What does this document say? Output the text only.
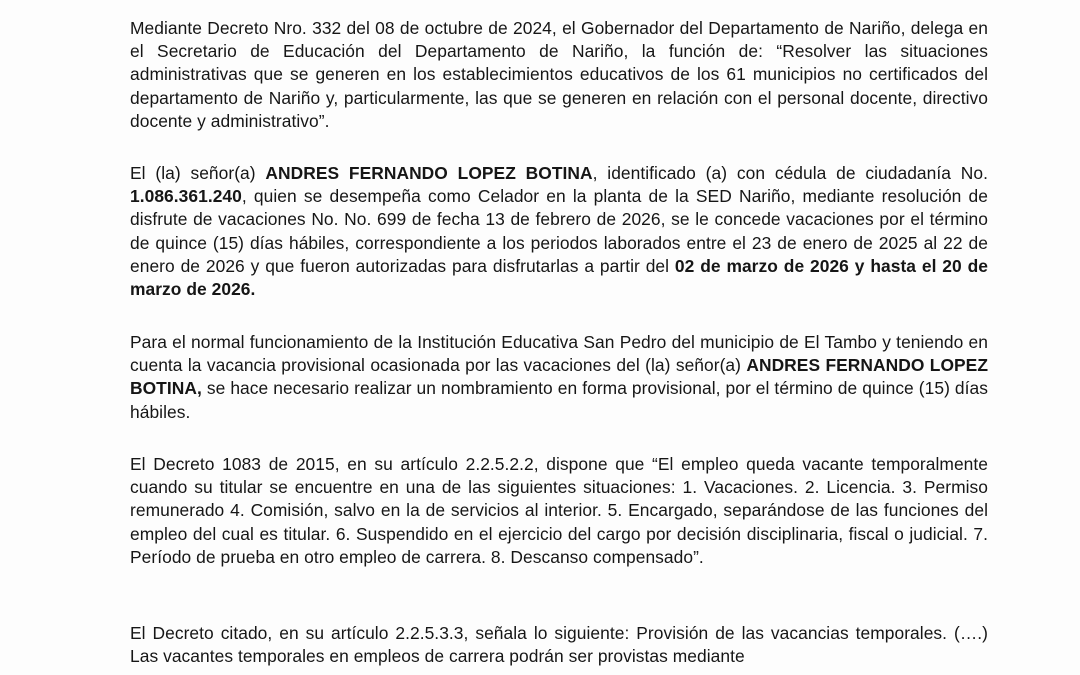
Mediante Decreto Nro. 332 del 08 de octubre de 2024, el Gobernador del Departamento de Nariño, delega en el Secretario de Educación del Departamento de Nariño, la función de: “Resolver las situaciones administrativas que se generen en los establecimientos educativos de los 61 municipios no certificados del departamento de Nariño y, particularmente, las que se generen en relación con el personal docente, directivo docente y administrativo”.

El (la) señor(a) ANDRES FERNANDO LOPEZ BOTINA, identificado (a) con cédula de ciudadanía No. 1.086.361.240, quien se desempeña como Celador en la planta de la SED Nariño, mediante resolución de disfrute de vacaciones No. No. 699 de fecha 13 de febrero de 2026, se le concede vacaciones por el término de quince (15) días hábiles, correspondiente a los periodos laborados entre el 23 de enero de 2025 al 22 de enero de 2026 y que fueron autorizadas para disfrutarlas a partir del 02 de marzo de 2026 y hasta el 20 de marzo de 2026.

Para el normal funcionamiento de la Institución Educativa San Pedro del municipio de El Tambo y teniendo en cuenta la vacancia provisional ocasionada por las vacaciones del (la) señor(a) ANDRES FERNANDO LOPEZ BOTINA, se hace necesario realizar un nombramiento en forma provisional, por el término de quince (15) días hábiles.

El Decreto 1083 de 2015, en su artículo 2.2.5.2.2, dispone que “El empleo queda vacante temporalmente cuando su titular se encuentre en una de las siguientes situaciones: 1. Vacaciones. 2. Licencia. 3. Permiso remunerado 4. Comisión, salvo en la de servicios al interior. 5. Encargado, separándose de las funciones del empleo del cual es titular. 6. Suspendido en el ejercicio del cargo por decisión disciplinaria, fiscal o judicial. 7. Período de prueba en otro empleo de carrera. 8. Descanso compensado”.

El Decreto citado, en su artículo 2.2.5.3.3, señala lo siguiente: Provisión de las vacancias temporales. (….) Las vacantes temporales en empleos de carrera podrán ser provistas mediante
